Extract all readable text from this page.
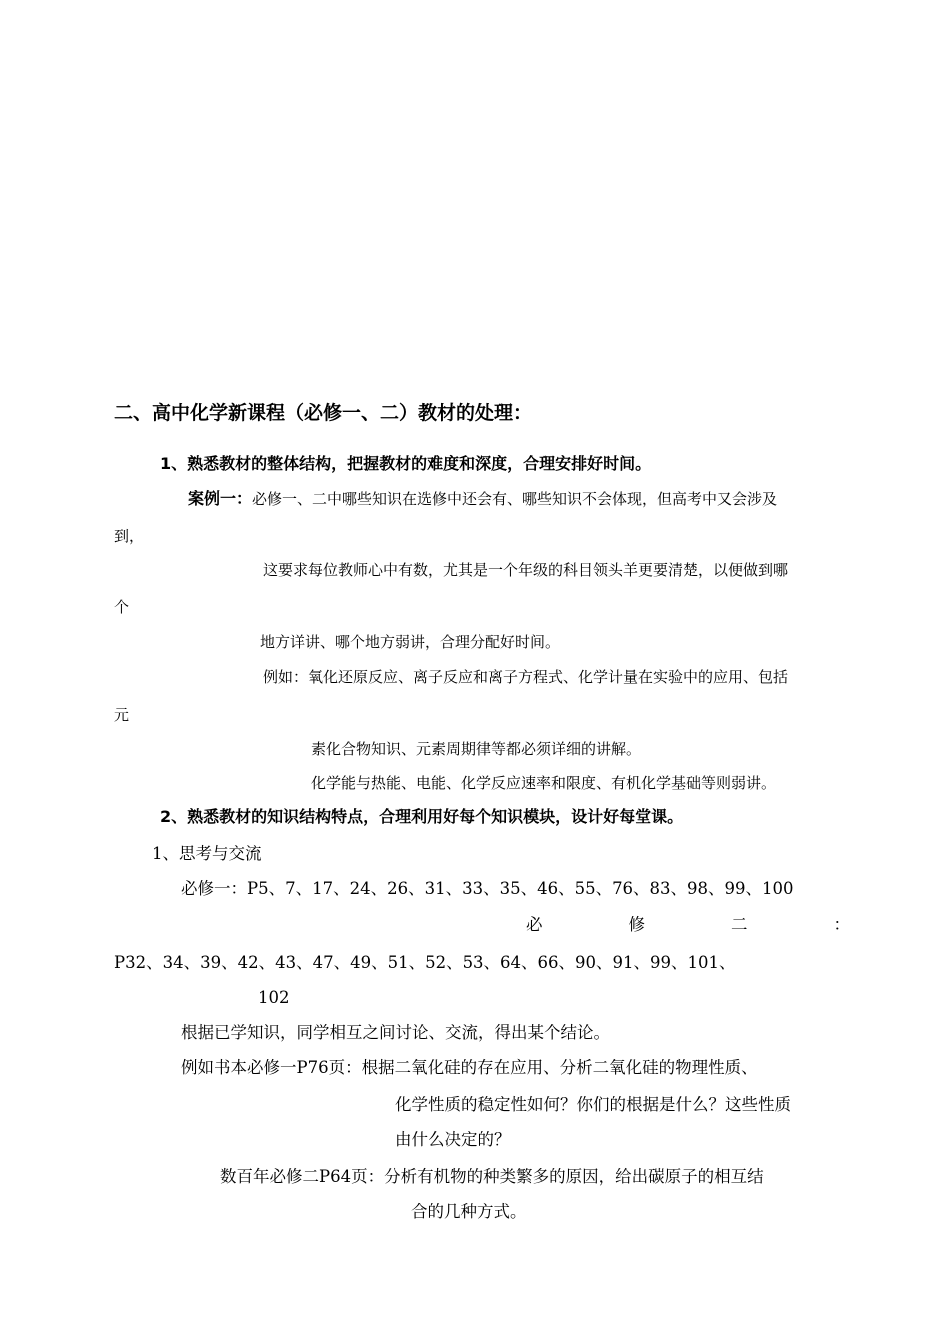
二、高中化学新课程（必修一、二）教材的处理：
1、熟悉教材的整体结构，把握教材的难度和深度，合理安排好时间。
案例一：必修一、二中哪些知识在选修中还会有、哪些知识不会体现，但高考中又会涉及
到，
这要求每位教师心中有数，尤其是一个年级的科目领头羊更要清楚，以便做到哪
个
地方详讲、哪个地方弱讲，合理分配好时间。
例如：氧化还原反应、离子反应和离子方程式、化学计量在实验中的应用、包括
元
素化合物知识、元素周期律等都必须详细的讲解。
化学能与热能、电能、化学反应速率和限度、有机化学基础等则弱讲。
2、熟悉教材的知识结构特点，合理利用好每个知识模块，设计好每堂课。
1、思考与交流
必修一：P5、7、17、24、26、31、33、35、46、55、76、83、98、99、100
必	修	二	：
P32、34、39、42、43、47、49、51、52、53、64、66、90、91、99、101、
102
根据已学知识，同学相互之间讨论、交流，得出某个结论。
例如书本必修一P76页：根据二氧化硅的存在应用、分析二氧化硅的物理性质、
化学性质的稳定性如何？你们的根据是什么？这些性质
由什么决定的？
数百年必修二P64页：分析有机物的种类繁多的原因，给出碳原子的相互结
合的几种方式。
